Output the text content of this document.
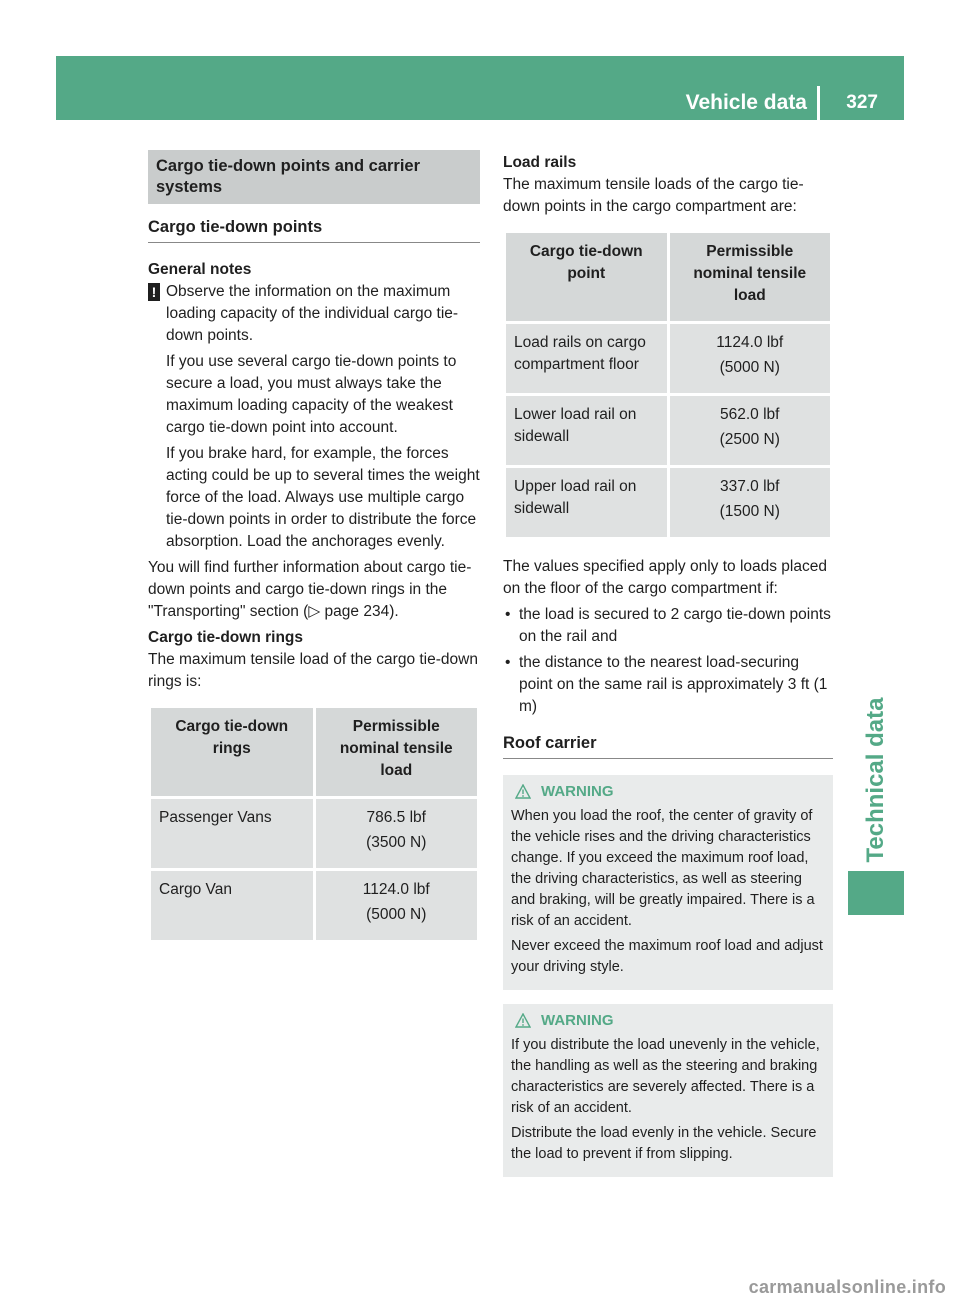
Vehicle data	327
Technical data
Cargo tie-down points and carrier systems
Cargo tie-down points
General notes
! Observe the information on the maximum loading capacity of the individual cargo tie-down points.

If you use several cargo tie-down points to secure a load, you must always take the maximum loading capacity of the weakest cargo tie-down point into account.

If you brake hard, for example, the forces acting could be up to several times the weight force of the load. Always use multiple cargo tie-down points in order to distribute the force absorption. Load the anchorages evenly.

You will find further information about cargo tie-down points and cargo tie-down rings in the "Transporting" section (▷ page 234).

Cargo tie-down rings

The maximum tensile load of the cargo tie-down rings is:

Cargo tie-down rings	Permissible nominal tensile load
Passenger Vans	786.5 lbf
(3500 N)

Cargo Van	1124.0 lbf
(5000 N)
Load rails

The maximum tensile loads of the cargo tie-down points in the cargo compartment are:

Cargo tie-down point	Permissible nominal tensile load
Load rails on cargo compartment floor	1124.0 lbf
(5000 N)

Lower load rail on sidewall	562.0 lbf
(2500 N)

Upper load rail on sidewall	337.0 lbf
(1500 N)

The values specified apply only to loads placed on the floor of the cargo compartment if:

• the load is secured to 2 cargo tie-down points on the rail and
• the distance to the nearest load-securing point on the same rail is approximately 3 ft (1 m)
Roof carrier
WARNING

When you load the roof, the center of gravity of the vehicle rises and the driving characteristics change. If you exceed the maximum roof load, the driving characteristics, as well as steering and braking, will be greatly impaired. There is a risk of an accident.

Never exceed the maximum roof load and adjust your driving style.

WARNING

If you distribute the load unevenly in the vehicle, the handling as well as the steering and braking characteristics are severely affected. There is a risk of an accident.

Distribute the load evenly in the vehicle. Secure the load to prevent if from slipping.

carmanualsonline.info
